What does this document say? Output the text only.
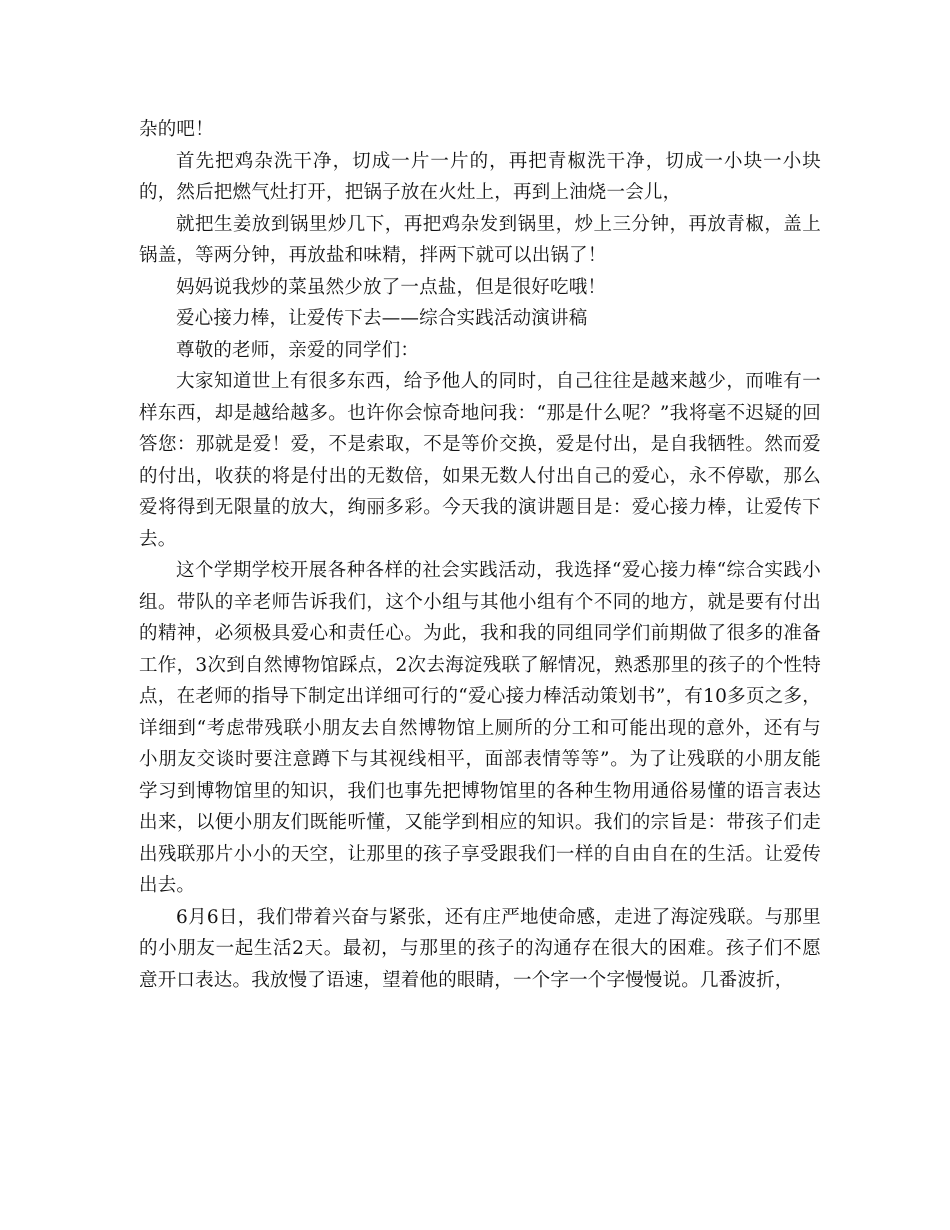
杂的吧！

首先把鸡杂洗干净，切成一片一片的，再把青椒洗干净，切成一小块一小块的，然后把燃气灶打开，把锅子放在火灶上，再到上油烧一会儿，

就把生姜放到锅里炒几下，再把鸡杂发到锅里，炒上三分钟，再放青椒，盖上锅盖，等两分钟，再放盐和味精，拌两下就可以出锅了！

妈妈说我炒的菜虽然少放了一点盐，但是很好吃哦！

爱心接力棒，让爱传下去——综合实践活动演讲稿

尊敬的老师，亲爱的同学们：

大家知道世上有很多东西，给予他人的同时，自己往往是越来越少，而唯有一样东西，却是越给越多。也许你会惊奇地问我：“那是什么呢？”我将毫不迟疑的回答您：那就是爱！爱，不是索取，不是等价交换，爱是付出，是自我牺牲。然而爱的付出，收获的将是付出的无数倍，如果无数人付出自己的爱心，永不停歇，那么爱将得到无限量的放大，绚丽多彩。今天我的演讲题目是：爱心接力棒，让爱传下去。

这个学期学校开展各种各样的社会实践活动，我选择“爱心接力棒“综合实践小组。带队的辛老师告诉我们，这个小组与其他小组有个不同的地方，就是要有付出的精神，必须极具爱心和责任心。为此，我和我的同组同学们前期做了很多的准备工作，3次到自然博物馆踩点，2次去海淀残联了解情况，熟悉那里的孩子的个性特点，在老师的指导下制定出详细可行的“爱心接力棒活动策划书”，有10多页之多，详细到“考虑带残联小朋友去自然博物馆上厕所的分工和可能出现的意外，还有与小朋友交谈时要注意蹲下与其视线相平，面部表情等等”。为了让残联的小朋友能学习到博物馆里的知识，我们也事先把博物馆里的各种生物用通俗易懂的语言表达出来，以便小朋友们既能听懂，又能学到相应的知识。我们的宗旨是：带孩子们走出残联那片小小的天空，让那里的孩子享受跟我们一样的自由自在的生活。让爱传出去。

6月6日，我们带着兴奋与紧张，还有庄严地使命感，走进了海淀残联。与那里的小朋友一起生活2天。最初，与那里的孩子的沟通存在很大的困难。孩子们不愿意开口表达。我放慢了语速，望着他的眼睛，一个字一个字慢慢说。几番波折，
